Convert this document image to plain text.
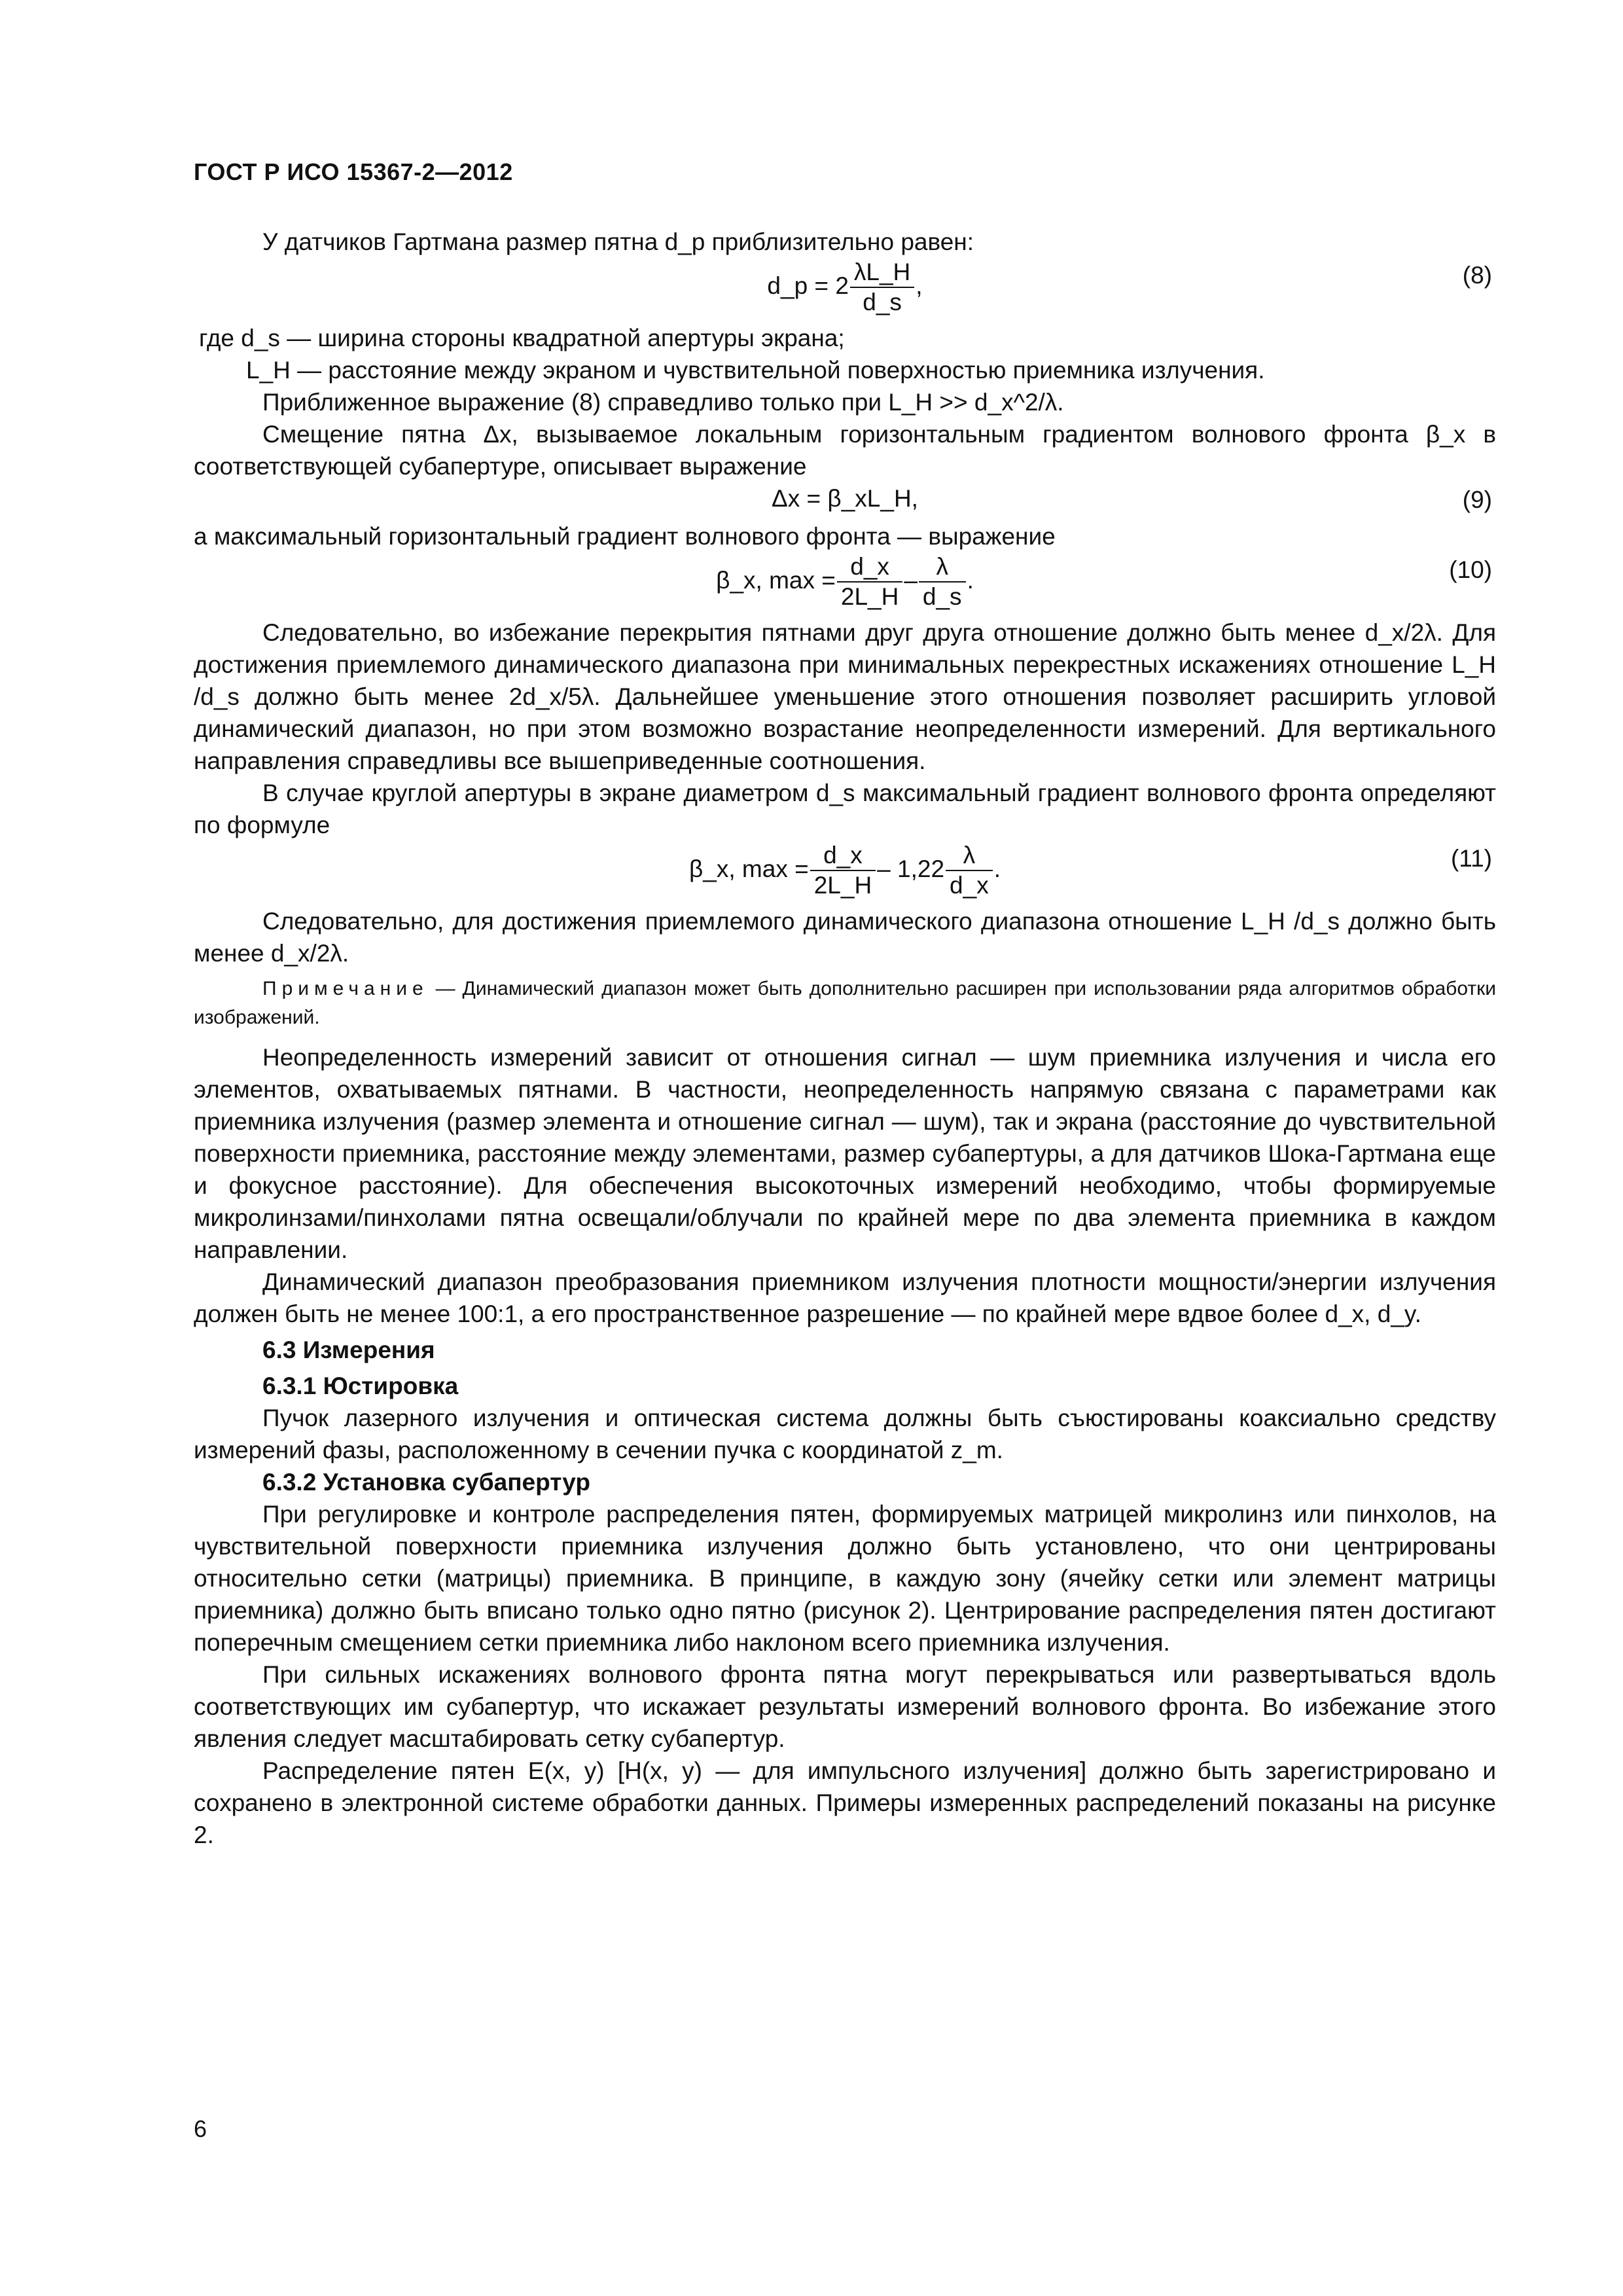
ГОСТ Р ИСО 15367-2—2012

У датчиков Гартмана размер пятна d_p приблизительно равен:

d_p = $2 \frac{\lambda L\_H}{d\_s}$ ,	(8)
где d_s — ширина стороны квадратной апертуры экрана;
L_H — расстояние между экраном и чувствительной поверхностью приемника излучения.

Приближенное выражение (8) справедливо только при L_H >> d_x^2/λ.

Смещение пятна Δx, вызываемое локальным горизонтальным градиентом волнового фронта β_x в соответствующей субапертуре, описывает выражение

Δx = β_xL_H,	(9)

а максимальный горизонтальный градиент волнового фронта — выражение

β_x, $\max = \frac{d\_x}{2L\_H} - \frac{\lambda}{d\_s}$ .	(10)

Следовательно, во избежание перекрытия пятнами друг друга отношение должно быть менее d_x/2λ. Для достижения приемлемого динамического диапазона при минимальных перекрестных искажениях отношение L_H /d_s должно быть менее 2d_x/5λ. Дальнейшее уменьшение этого отношения позволяет расширить угловой динамический диапазон, но при этом возможно возрастание неопределенности измерений. Для вертикального направления справедливы все вышеприведенные соотношения.

В случае круглой апертуры в экране диаметром d_s максимальный градиент волнового фронта определяют по формуле

β_x, $\max = \frac{d\_x}{2L\_H} - 1,22 \frac{\lambda}{d\_x}$ .	(11)

Следовательно, для достижения приемлемого динамического диапазона отношение L_H /d_s должно быть менее d_x/2λ.

Примечание — Динамический диапазон может быть дополнительно расширен при использовании ряда алгоритмов обработки изображений.

Неопределенность измерений зависит от отношения сигнал — шум приемника излучения и числа его элементов, охватываемых пятнами. В частности, неопределенность напрямую связана с параметрами как приемника излучения (размер элемента и отношение сигнал — шум), так и экрана (расстояние до чувствительной поверхности приемника, расстояние между элементами, размер субапертуры, а для датчиков Шока-Гартмана еще и фокусное расстояние). Для обеспечения высокоточных измерений необходимо, чтобы формируемые микролинзами/пинхолами пятна освещали/облучали по крайней мере по два элемента приемника в каждом направлении.

Динамический диапазон преобразования приемником излучения плотности мощности/энергии излучения должен быть не менее 100:1, а его пространственное разрешение — по крайней мере вдвое более d_x, d_y.

6.3 Измерения

6.3.1 Юстировка

Пучок лазерного излучения и оптическая система должны быть съюстированы коаксиально средству измерений фазы, расположенному в сечении пучка с координатой z_m.

6.3.2 Установка субапертур

При регулировке и контроле распределения пятен, формируемых матрицей микролинз или пинхолов, на чувствительной поверхности приемника излучения должно быть установлено, что они центрированы относительно сетки (матрицы) приемника. В принципе, в каждую зону (ячейку сетки или элемент матрицы приемника) должно быть вписано только одно пятно (рисунок 2). Центрирование распределения пятен достигают поперечным смещением сетки приемника либо наклоном всего приемника излучения.

При сильных искажениях волнового фронта пятна могут перекрываться или развертываться вдоль соответствующих им субапертур, что искажает результаты измерений волнового фронта. Во избежание этого явления следует масштабировать сетку субапертур.

Распределение пятен E(x, y) [H(x, y) — для импульсного излучения] должно быть зарегистрировано и сохранено в электронной системе обработки данных. Примеры измеренных распределений показаны на рисунке 2.

6
